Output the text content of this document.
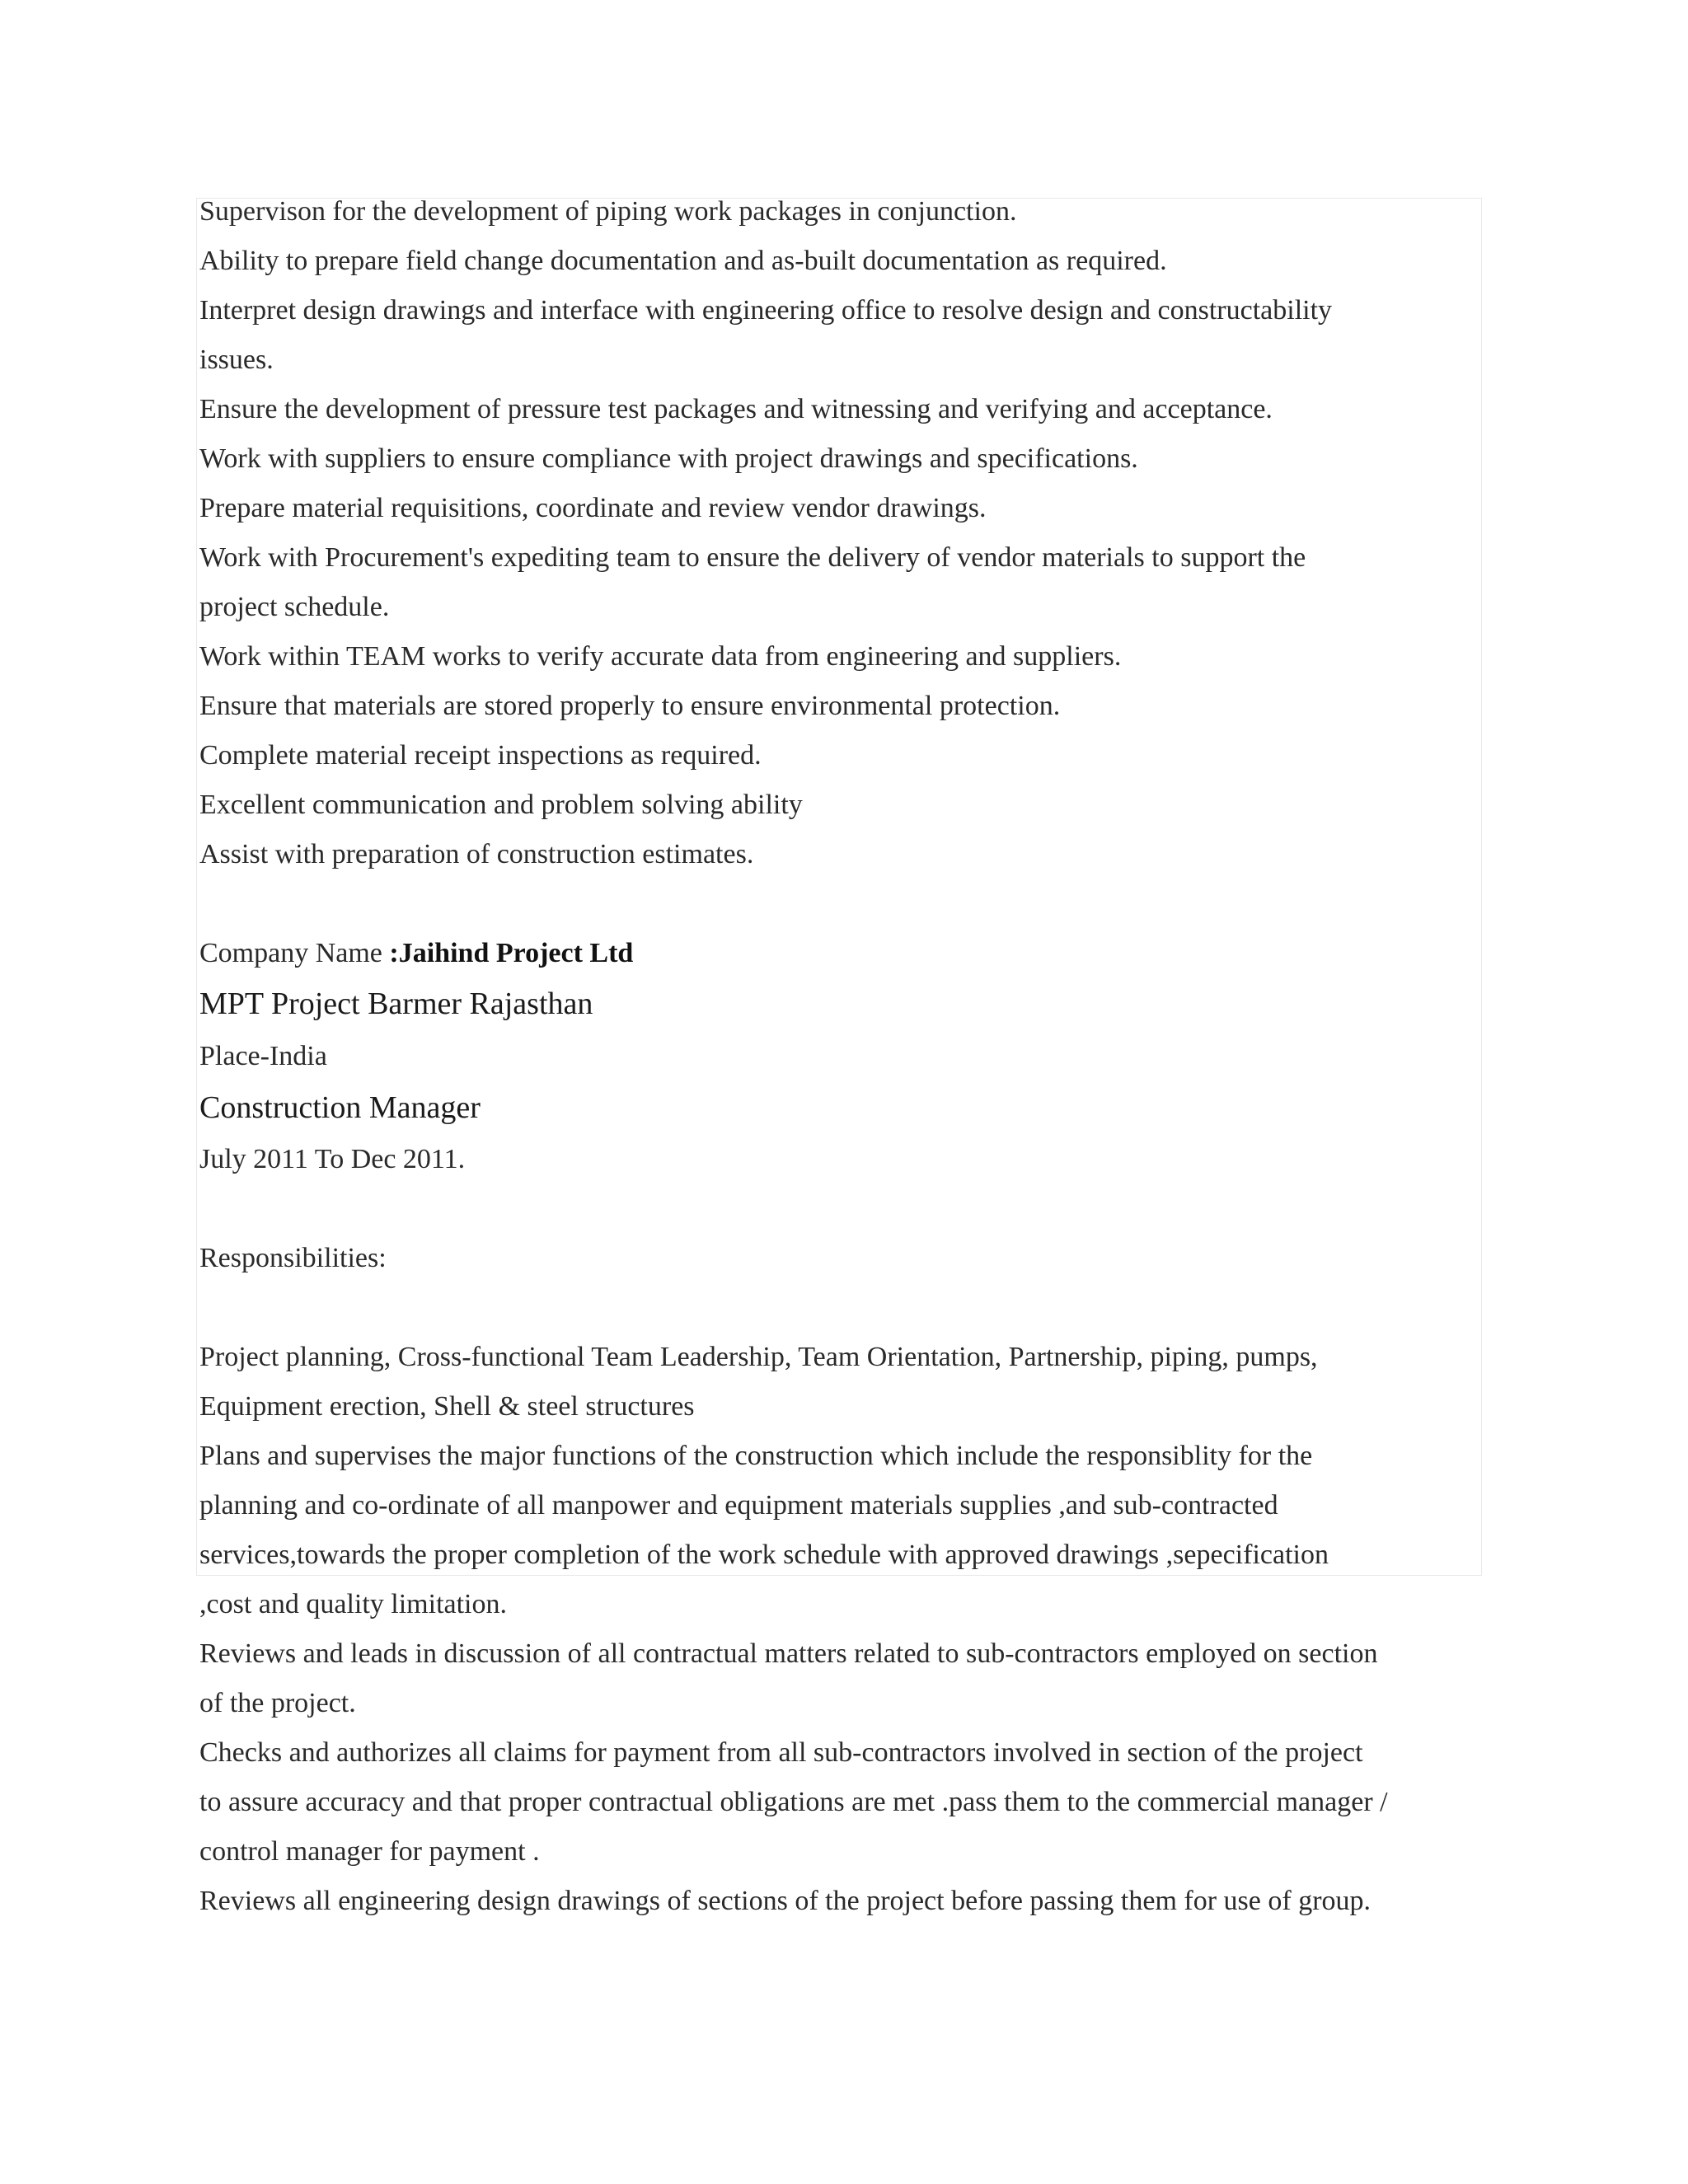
Supervison for the development of piping work packages in conjunction.
Ability to prepare field change documentation and as-built documentation as required.
Interpret design drawings and interface with engineering office to resolve design and constructability
issues.
Ensure the development of pressure test packages and witnessing and verifying and acceptance.
Work with suppliers to ensure compliance with project drawings and specifications.
Prepare material requisitions, coordinate and review vendor drawings.
Work with Procurement's expediting team to ensure the delivery of vendor materials to support the
project schedule.
Work within TEAM works to verify accurate data from engineering and suppliers.
Ensure that materials are stored properly to ensure environmental protection.
Complete material receipt inspections as required.
Excellent communication and problem solving ability
Assist with preparation of construction estimates.
Company Name :Jaihind Project Ltd
MPT Project Barmer Rajasthan
Place-India
Construction Manager
July 2011 To Dec 2011.
Responsibilities:
Project planning, Cross-functional Team Leadership, Team Orientation, Partnership, piping, pumps,
Equipment erection, Shell & steel structures
Plans and supervises the major functions of the construction which include the responsiblity for the
planning and co-ordinate of all manpower and equipment materials supplies ,and sub-contracted
services,towards the proper completion of the work schedule with approved drawings ,sepecification
,cost and quality limitation.
Reviews and leads in discussion of all contractual matters related to sub-contractors employed on section
of the project.
Checks and authorizes all claims for payment from all sub-contractors involved in section of the project
to assure accuracy and that proper contractual obligations are met .pass them to the commercial manager /
control manager for payment .
Reviews all engineering design drawings of sections of the project before passing them for use of group.
